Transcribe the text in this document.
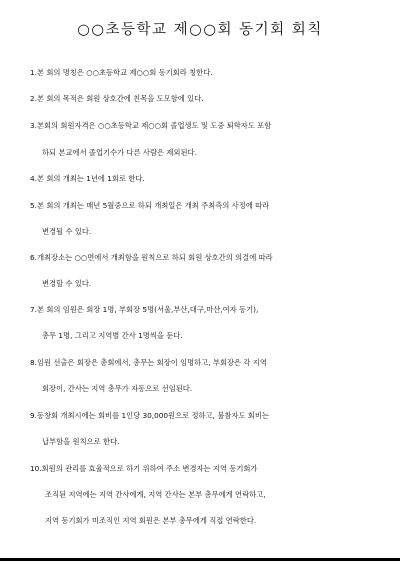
○○초등학교 제○○회 동기회 회칙
1.본 회의 명칭은 ○○초등학교 제○○회 동기회라 칭한다.
2.본 회의 목적은 회원 상호간에 친목을 도모함에 있다.
3.본회의 회원자격은 ○○초등학교 제○○회 졸업생도 및 도중 퇴학자도 포함
하되 본교에서 졸업기수가 다른 사람은 제외된다.
4.본 회의 개최는 1년에 1회로 한다.
5.본 회의 개최는 매년 5월중으로 하되 개최일은 개최 주최측의 사정에 따라
변경될 수 있다.
6.개최장소는 ○○면에서 개최함을 원칙으로 하되 회원 상호간의 의결에 따라
변경할 수 있다.
7.본 회의 임원은 회장 1명, 부회장 5명(서울,부산,대구,마산,여자 동기),
총무 1명, 그리고 지역별 간사 1명씩을 둔다.
8.임원 선출은 회장은 총회에서, 총무는 회장이 임명하고, 부회장은 각 지역
회장이, 간사는 지역 총무가 자동으로 선임된다.
9.동창회 개최시에는 회비를 1인당 30,000원으로 정하고, 불참자도 회비는
납부함을 원칙으로 한다.
10.회원의 관리를 효율적으로 하기 위하여 주소 변경자는 지역 동기회가
조직된 지역에는 지역 간사에게, 지역 간사는 본부 총무에게 연락하고,
지역 동기회가 미조직인 지역 회원은 본부 총무에게 직접 연락한다.
